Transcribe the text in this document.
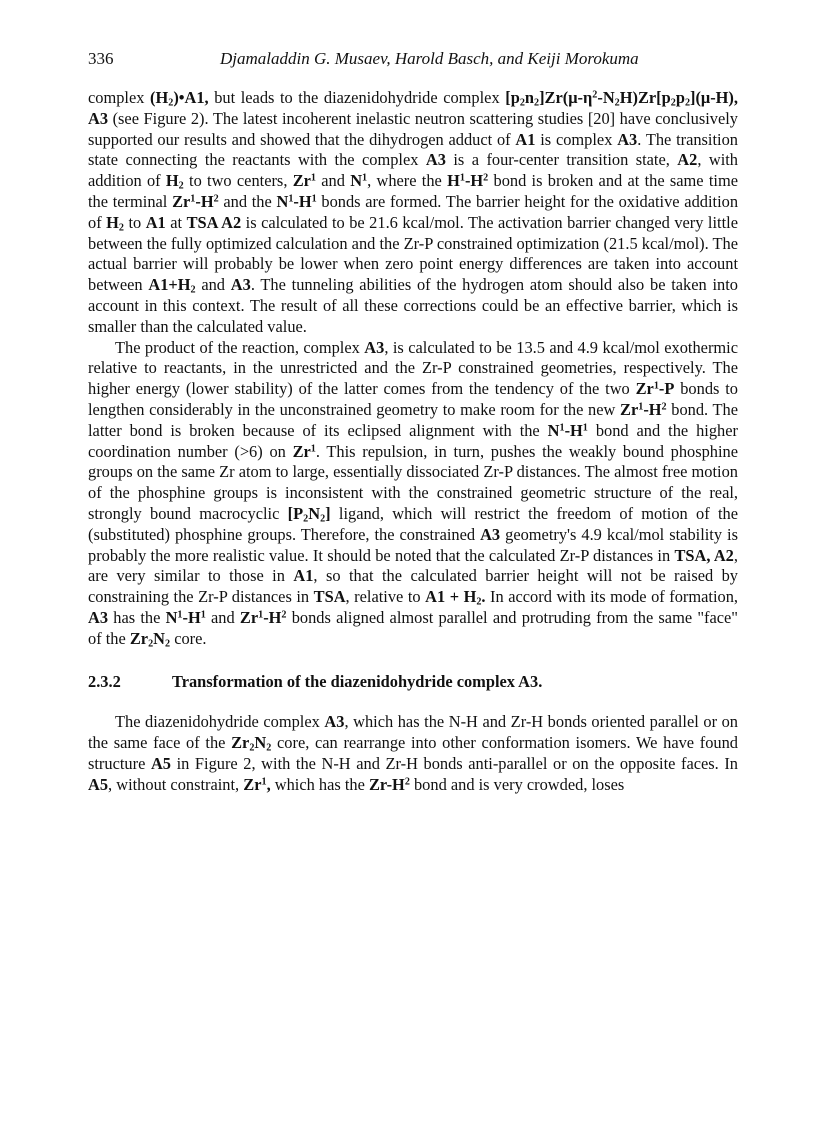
336	Djamaladdin G. Musaev, Harold Basch, and Keiji Morokuma

complex $(H_2)•A1$, but leads to the diazenidohydride complex $[p_2n_2]Zr(\mu-\eta^2-N_2H)Zr[p_2p_2](\mu-H)$, A3 (see Figure 2). The latest incoherent inelastic neutron scattering studies [20] have conclusively supported our results and showed that the dihydrogen adduct of A1 is complex A3. The transition state connecting the reactants with the complex A3 is a four-center transition state, A2, with addition of $H_2$ to two centers, Zr$^1$ and $N^1$, where the $H^1-H^2$ bond is broken and at the same time the terminal $Zr^1-H^2$ and the $N^1-H^1$ bonds are formed. The barrier height for the oxidative addition of $H_2$ to A1 at TSA A2 is calculated to be 21.6 kcal/mol. The activation barrier changed very little between the fully optimized calculation and the Zr-P constrained optimization (21.5 kcal/mol). The actual barrier will probably be lower when zero point energy differences are taken into account between $A1+H_2$ and A3. The tunneling abilities of the hydrogen atom should also be taken into account in this context. The result of all these corrections could be an effective barrier, which is smaller than the calculated value.

The product of the reaction, complex A3, is calculated to be 13.5 and 4.9 kcal/mol exothermic relative to reactants, in the unrestricted and the Zr-P constrained geometries, respectively. The higher energy (lower stability) of the latter comes from the tendency of the two Zr$^1$-P bonds to lengthen considerably in the unconstrained geometry to make room for the new $Zr^1-H^2$ bond. The latter bond is broken because of its eclipsed alignment with the $N^1-H^1$ bond and the higher coordination number (>6) on Zr$^1$. This repulsion, in turn, pushes the weakly bound phosphine groups on the same Zr atom to large, essentially dissociated Zr-P distances. The almost free motion of the phosphine groups is inconsistent with the constrained geometric structure of the real, strongly bound macrocyclic $[P_2N_2]$ ligand, which will restrict the freedom of motion of the (substituted) phosphine groups. Therefore, the constrained A3 geometry's 4.9 kcal/mol stability is probably the more realistic value. It should be noted that the calculated Zr-P distances in TSA, A2, are very similar to those in A1, so that the calculated barrier height will not be raised by constraining the Zr-P distances in TSA, relative to $A1 + H_2$. In accord with its mode of formation, A3 has the $N^1-H^1$ and $Zr^1-H^2$ bonds aligned almost parallel and protruding from the same "face" of the $Zr_2N_2$ core.

2.3.2	Transformation of the diazenidohydride complex A3.

The diazenidohydride complex A3, which has the N-H and Zr-H bonds oriented parallel or on the same face of the $Zr_2N_2$ core, can rearrange into other conformation isomers. We have found structure A5 in Figure 2, with the N-H and Zr-H bonds anti-parallel or on the opposite faces. In A5, without constraint, Zr$^1$, which has the $Zr-H^2$ bond and is very crowded, loses
